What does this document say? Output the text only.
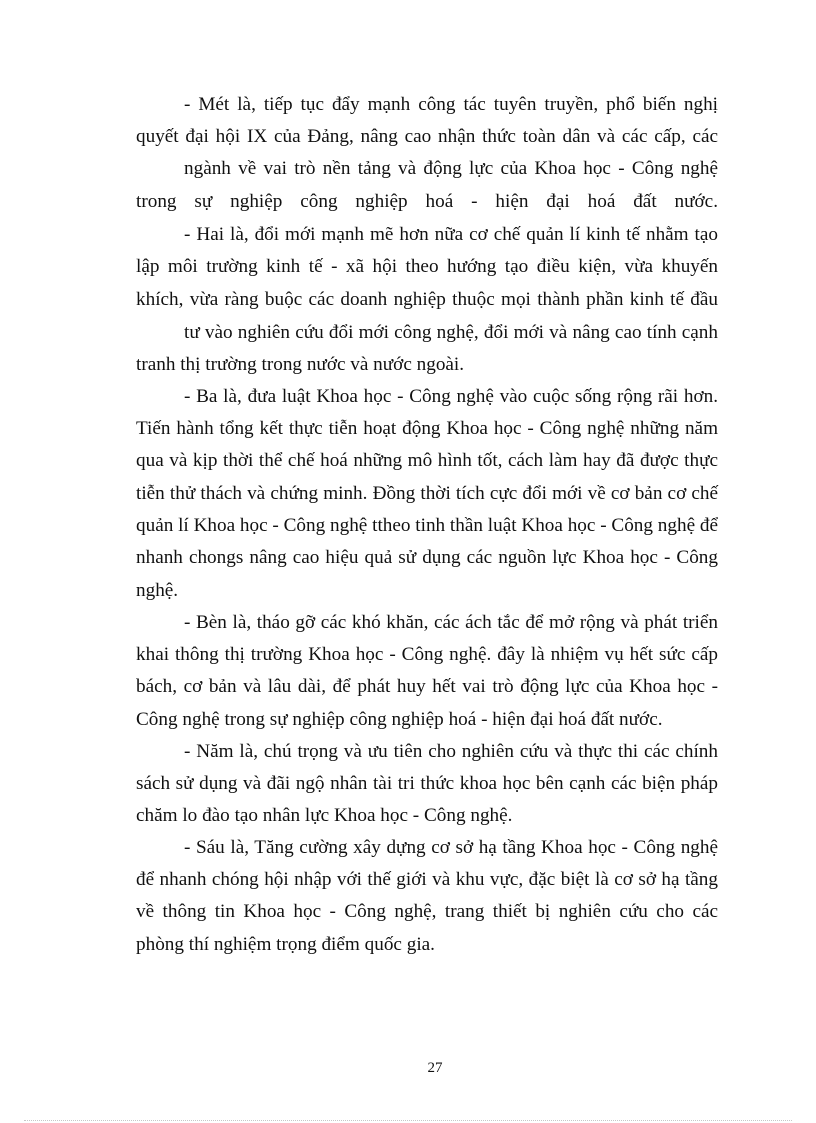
- Mét là, tiếp tục đẩy mạnh công tác tuyên truyền, phổ biến nghị
quyết đại hội IX của Đảng, nâng cao nhận thức toàn dân và các cấp, các
ngành về vai trò nền tảng và động lực của Khoa học - Công nghệ
trong sự nghiệp công nghiệp hoá - hiện đại hoá đất nước.
- Hai là, đổi mới mạnh mẽ hơn nữa cơ chế quản lí kinh tế nhằm tạo
lập môi trường kinh tế - xã hội theo hướng tạo điều kiện, vừa khuyến
khích, vừa ràng buộc các doanh nghiệp thuộc mọi thành phần kinh tế đầu
tư vào nghiên cứu đổi mới công nghệ, đổi mới và nâng cao tính cạnh
tranh thị trường trong nước và nước ngoài.
- Ba là, đưa luật Khoa học - Công nghệ vào cuộc sống rộng rãi hơn.
Tiến hành tổng kết thực tiễn hoạt động Khoa học - Công nghệ những năm
qua và kịp thời thể chế hoá những mô hình tốt, cách làm hay đã được thực
tiễn thử thách và chứng minh. Đồng thời tích cực đổi mới về cơ bản cơ chế
quản lí Khoa học - Công nghệ ttheo tinh thần luật Khoa học - Công nghệ để
nhanh chongs nâng cao hiệu quả sử dụng các nguồn lực Khoa học - Công
nghệ.
- Bèn là, tháo gỡ các khó khăn, các ách tắc để mở rộng và phát triển
khai thông thị trường Khoa học - Công nghệ. đây là nhiệm vụ hết sức cấp
bách, cơ bản và lâu dài, để phát huy hết vai trò động lực của Khoa học -
Công nghệ trong sự nghiệp công nghiệp hoá - hiện đại hoá đất nước.
- Năm là, chú trọng và ưu tiên cho nghiên cứu và thực thi các chính
sách sử dụng và đãi ngộ nhân tài tri thức khoa học bên cạnh các biện pháp
chăm lo đào tạo nhân lực Khoa học - Công nghệ.
- Sáu là, Tăng cường xây dựng cơ sở hạ tầng Khoa học - Công nghệ
để nhanh chóng hội nhập với thế giới và khu vực, đặc biệt là cơ sở hạ tầng
về thông tin Khoa học - Công nghệ, trang thiết bị nghiên cứu cho các
phòng thí nghiệm trọng điểm quốc gia.
27
